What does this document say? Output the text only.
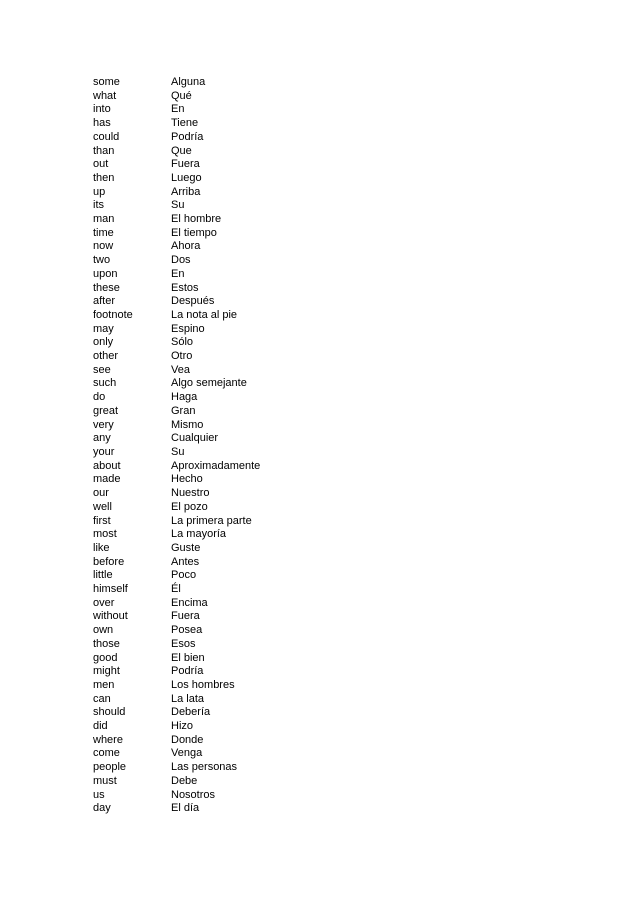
some	Alguna
what	Qué
into	En
has	Tiene
could	Podría
than	Que
out	Fuera
then	Luego
up	Arriba
its	Su
man	El hombre
time	El tiempo
now	Ahora
two	Dos
upon	En
these	Estos
after	Después
footnote	La nota al pie
may	Espino
only	Sólo
other	Otro
see	Vea
such	Algo semejante
do	Haga
great	Gran
very	Mismo
any	Cualquier
your	Su
about	Aproximadamente
made	Hecho
our	Nuestro
well	El pozo
first	La primera parte
most	La mayoría
like	Guste
before	Antes
little	Poco
himself	Él
over	Encima
without	Fuera
own	Posea
those	Esos
good	El bien
might	Podría
men	Los hombres
can	La lata
should	Debería
did	Hizo
where	Donde
come	Venga
people	Las personas
must	Debe
us	Nosotros
day	El día
